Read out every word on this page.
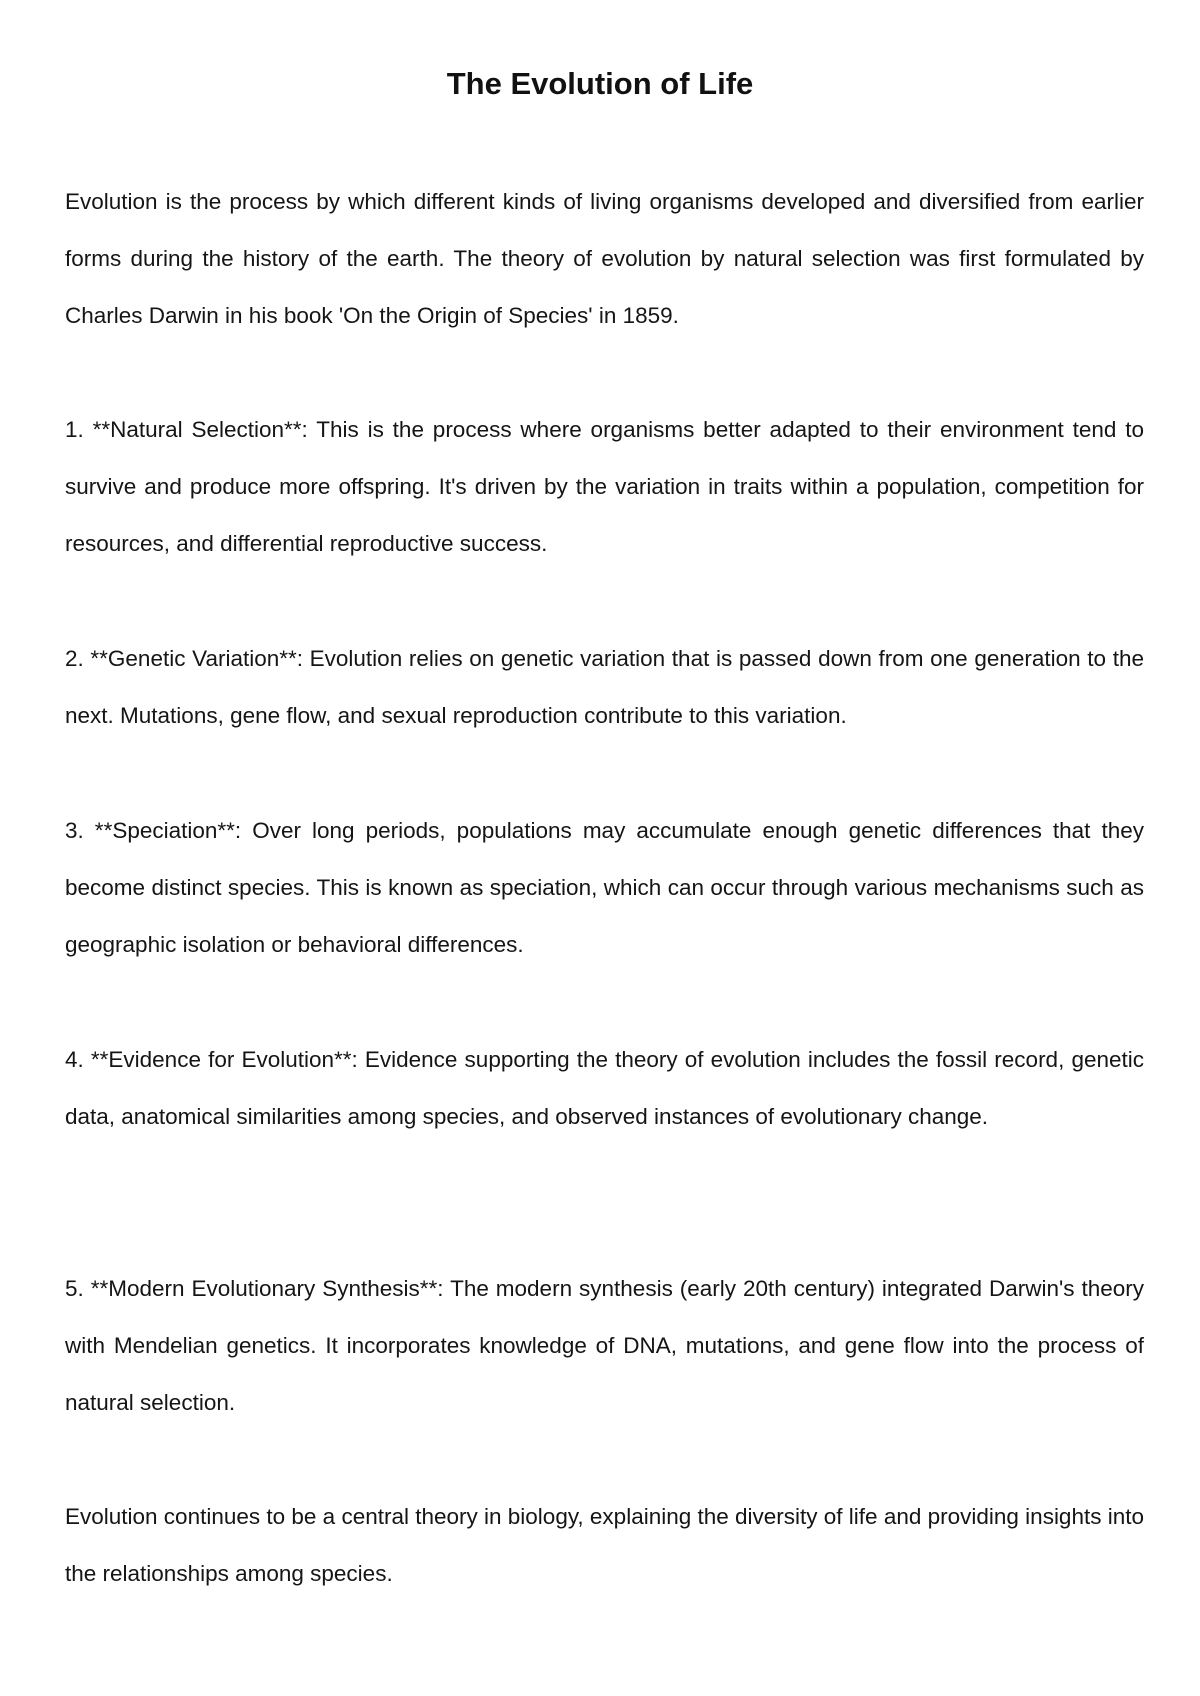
The Evolution of Life

Evolution is the process by which different kinds of living organisms developed and diversified from earlier forms during the history of the earth. The theory of evolution by natural selection was first formulated by Charles Darwin in his book 'On the Origin of Species' in 1859.

1. **Natural Selection**: This is the process where organisms better adapted to their environment tend to survive and produce more offspring. It's driven by the variation in traits within a population, competition for resources, and differential reproductive success.

2. **Genetic Variation**: Evolution relies on genetic variation that is passed down from one generation to the next. Mutations, gene flow, and sexual reproduction contribute to this variation.

3. **Speciation**: Over long periods, populations may accumulate enough genetic differences that they become distinct species. This is known as speciation, which can occur through various mechanisms such as geographic isolation or behavioral differences.

4. **Evidence for Evolution**: Evidence supporting the theory of evolution includes the fossil record, genetic data, anatomical similarities among species, and observed instances of evolutionary change.

5. **Modern Evolutionary Synthesis**: The modern synthesis (early 20th century) integrated Darwin's theory with Mendelian genetics. It incorporates knowledge of DNA, mutations, and gene flow into the process of natural selection.

Evolution continues to be a central theory in biology, explaining the diversity of life and providing insights into the relationships among species.
